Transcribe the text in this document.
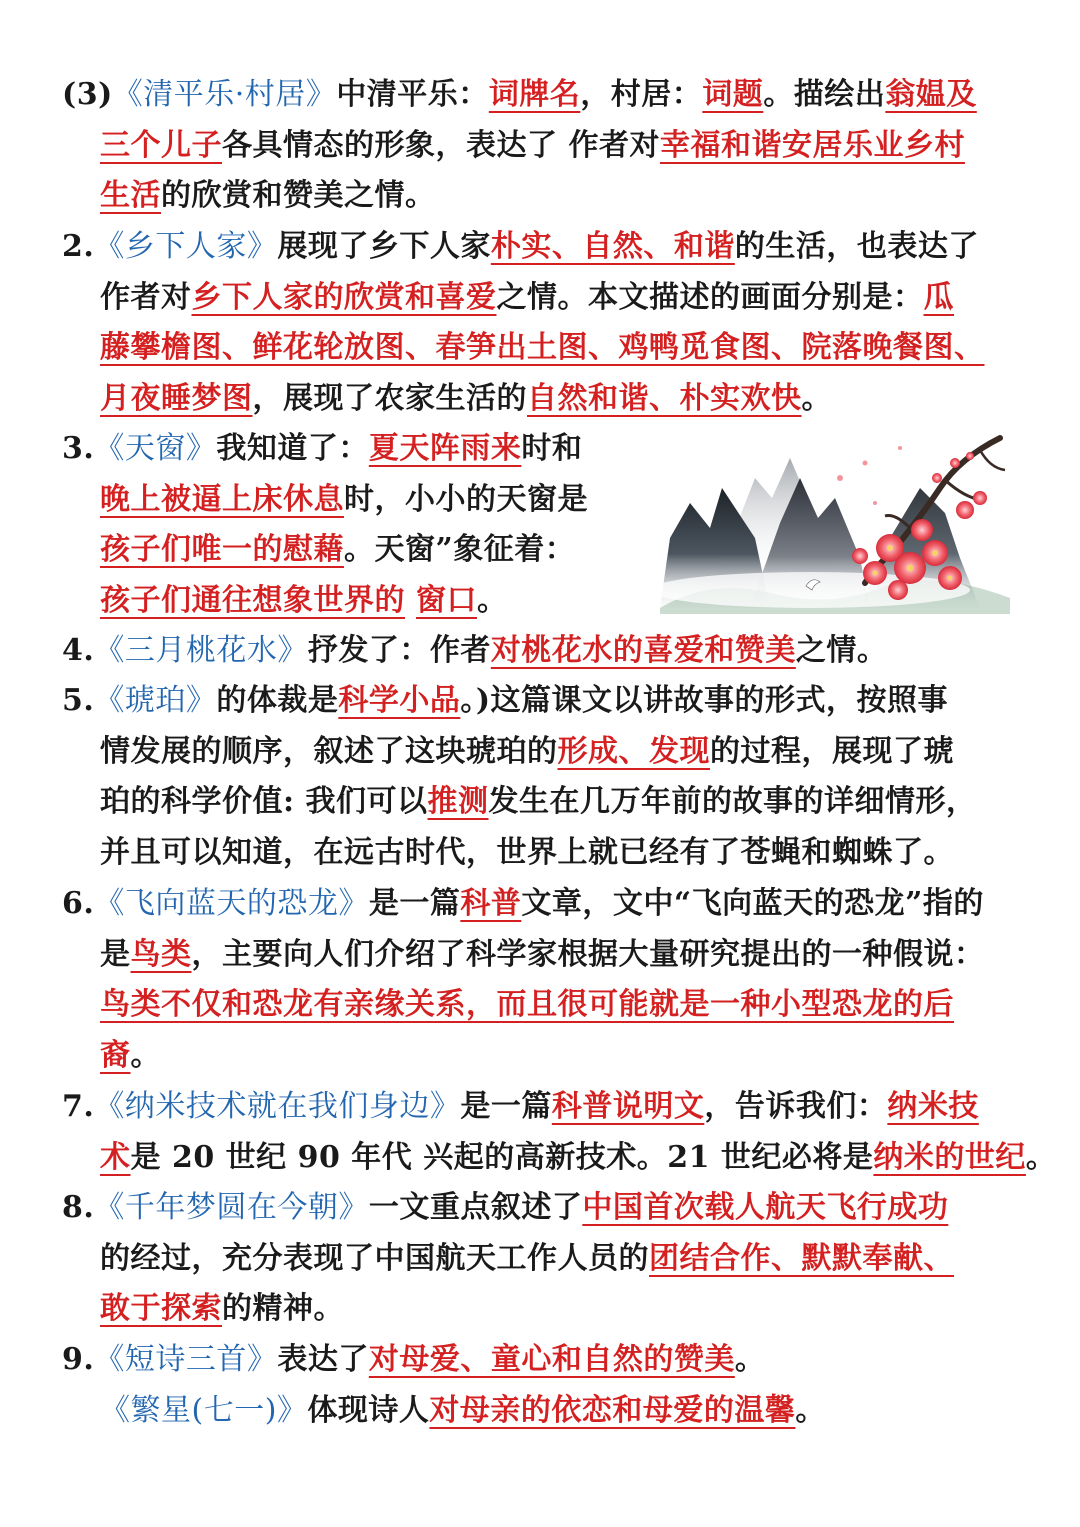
(3)《清平乐·村居》中清平乐：词牌名，村居：词题。描绘出翁媪及
三个儿子各具情态的形象，表达了 作者对幸福和谐安居乐业乡村
生活的欣赏和赞美之情。
2.《乡下人家》展现了乡下人家朴实、自然、和谐的生活，也表达了
作者对乡下人家的欣赏和喜爱之情。本文描述的画面分别是：瓜
藤攀檐图、鲜花轮放图、春笋出土图、鸡鸭觅食图、院落晚餐图、
月夜睡梦图，展现了农家生活的自然和谐、朴实欢快。
3.《天窗》我知道了：夏天阵雨来时和
晚上被逼上床休息时，小小的天窗是
孩子们唯一的慰藉。天窗”象征着：
孩子们通往想象世界的 窗口。
4.《三月桃花水》抒发了：作者对桃花水的喜爱和赞美之情。
5.《琥珀》的体裁是科学小品。)这篇课文以讲故事的形式，按照事
情发展的顺序，叙述了这块琥珀的形成、发现的过程，展现了琥
珀的科学价值: 我们可以推测发生在几万年前的故事的详细情形，
并且可以知道，在远古时代，世界上就已经有了苍蝇和蜘蛛了。
6.《飞向蓝天的恐龙》是一篇科普文章，文中“飞向蓝天的恐龙”指的
是鸟类，主要向人们介绍了科学家根据大量研究提出的一种假说：
鸟类不仅和恐龙有亲缘关系，而且很可能就是一种小型恐龙的后
裔。
7.《纳米技术就在我们身边》是一篇科普说明文，告诉我们：纳米技
术是 20 世纪 90 年代 兴起的高新技术。21 世纪必将是纳米的世纪。
8.《千年梦圆在今朝》一文重点叙述了中国首次载人航天飞行成功
的经过，充分表现了中国航天工作人员的团结合作、默默奉献、
敢于探索的精神。
9.《短诗三首》表达了对母爱、童心和自然的赞美。
《繁星(七一)》体现诗人对母亲的依恋和母爱的温馨。
